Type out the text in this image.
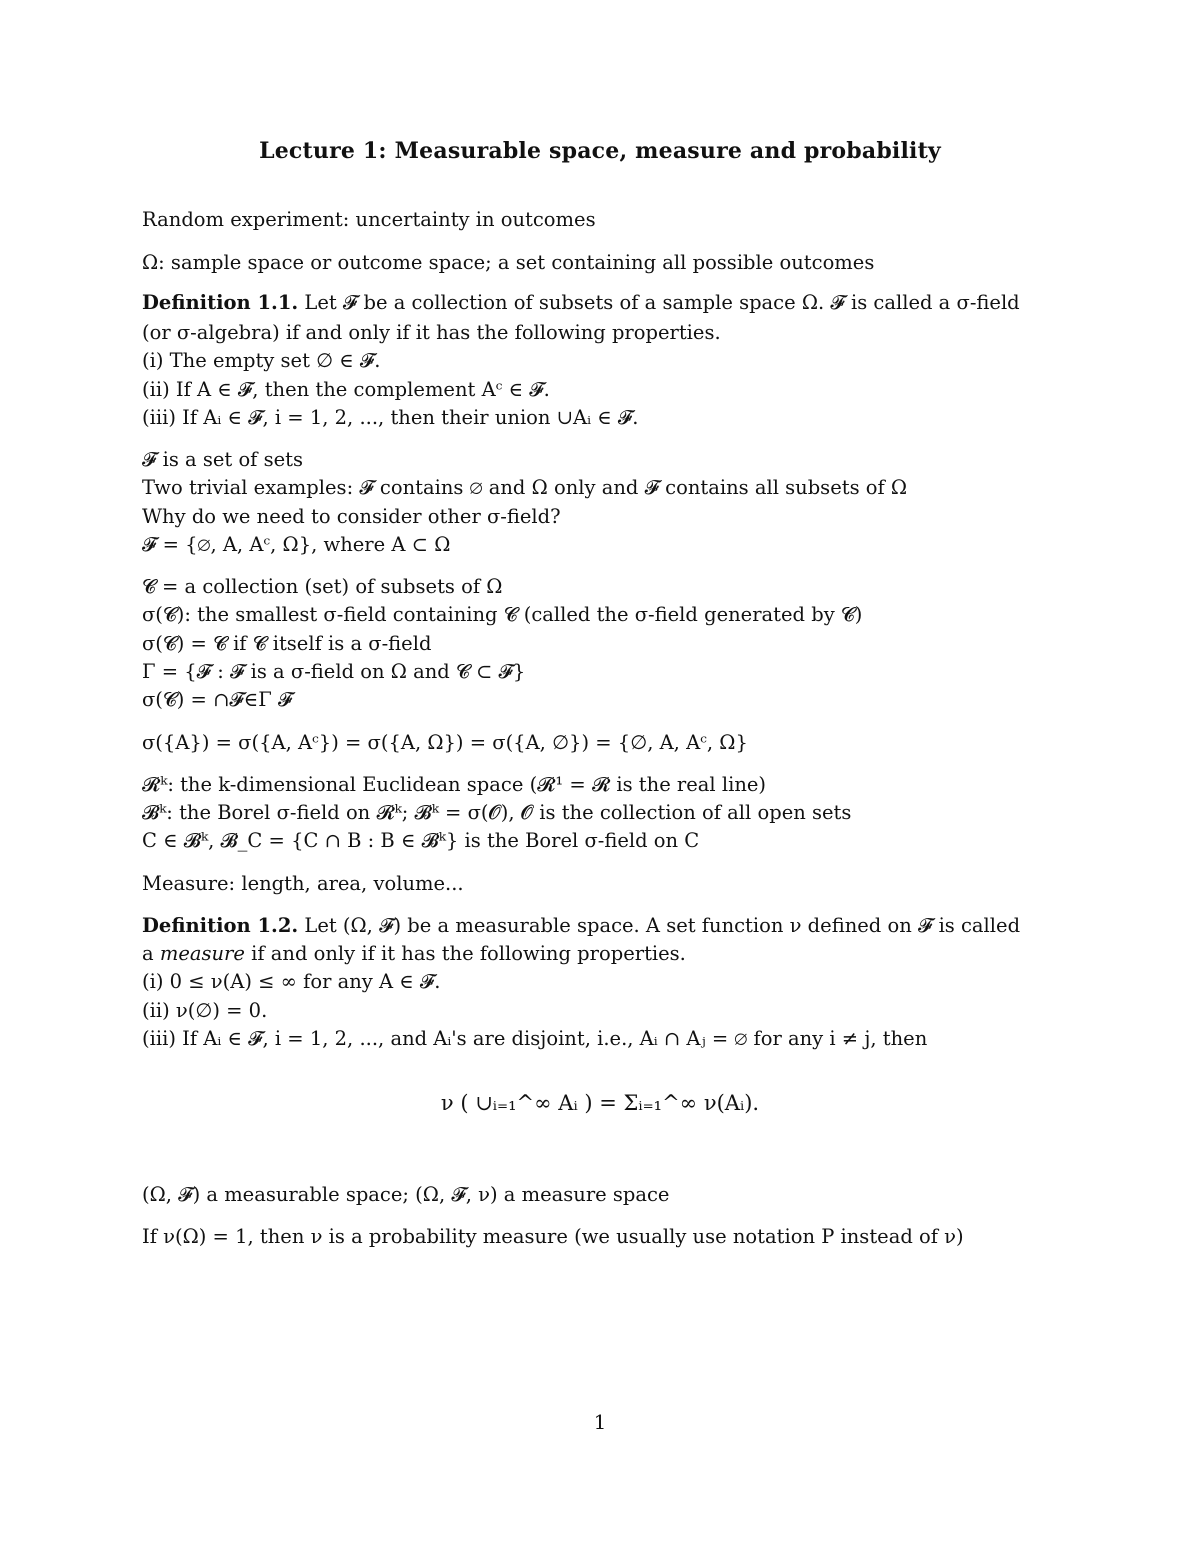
Lecture 1: Measurable space, measure and probability
Random experiment: uncertainty in outcomes
Ω: sample space or outcome space; a set containing all possible outcomes
Definition 1.1. Let 𝓕 be a collection of subsets of a sample space Ω. 𝓕 is called a σ-field
(or σ-algebra) if and only if it has the following properties.
(i) The empty set ∅ ∈ 𝓕.
(ii) If A ∈ 𝓕, then the complement Aᶜ ∈ 𝓕.
(iii) If Aᵢ ∈ 𝓕, i = 1, 2, ..., then their union ∪Aᵢ ∈ 𝓕.
𝓕 is a set of sets
Two trivial examples: 𝓕 contains ∅ and Ω only and 𝓕 contains all subsets of Ω
Why do we need to consider other σ-field?
𝓕 = {∅, A, Aᶜ, Ω}, where A ⊂ Ω
𝓒 = a collection (set) of subsets of Ω
σ(𝓒): the smallest σ-field containing 𝓒 (called the σ-field generated by 𝓒)
σ(𝓒) = 𝓒 if 𝓒 itself is a σ-field
Γ = {𝓕 : 𝓕 is a σ-field on Ω and 𝓒 ⊂ 𝓕}
σ(𝓒) = ∩𝓕∈Γ 𝓕
σ({A}) = σ({A, Aᶜ}) = σ({A, Ω}) = σ({A, ∅}) = {∅, A, Aᶜ, Ω}
𝓡ᵏ: the k-dimensional Euclidean space (𝓡¹ = 𝓡 is the real line)
𝓑ᵏ: the Borel σ-field on 𝓡ᵏ; 𝓑ᵏ = σ(𝓞), 𝓞 is the collection of all open sets
C ∈ 𝓑ᵏ, 𝓑_C = {C ∩ B : B ∈ 𝓑ᵏ} is the Borel σ-field on C
Measure: length, area, volume...
Definition 1.2. Let (Ω, 𝓕) be a measurable space. A set function ν defined on 𝓕 is called
a measure if and only if it has the following properties.
(i) 0 ≤ ν(A) ≤ ∞ for any A ∈ 𝓕.
(ii) ν(∅) = 0.
(iii) If Aᵢ ∈ 𝓕, i = 1, 2, ..., and Aᵢ's are disjoint, i.e., Aᵢ ∩ Aⱼ = ∅ for any i ≠ j, then
ν ( ∪ᵢ₌₁^∞ Aᵢ ) = Σᵢ₌₁^∞ ν(Aᵢ).
(Ω, 𝓕) a measurable space; (Ω, 𝓕, ν) a measure space
If ν(Ω) = 1, then ν is a probability measure (we usually use notation P instead of ν)
1
